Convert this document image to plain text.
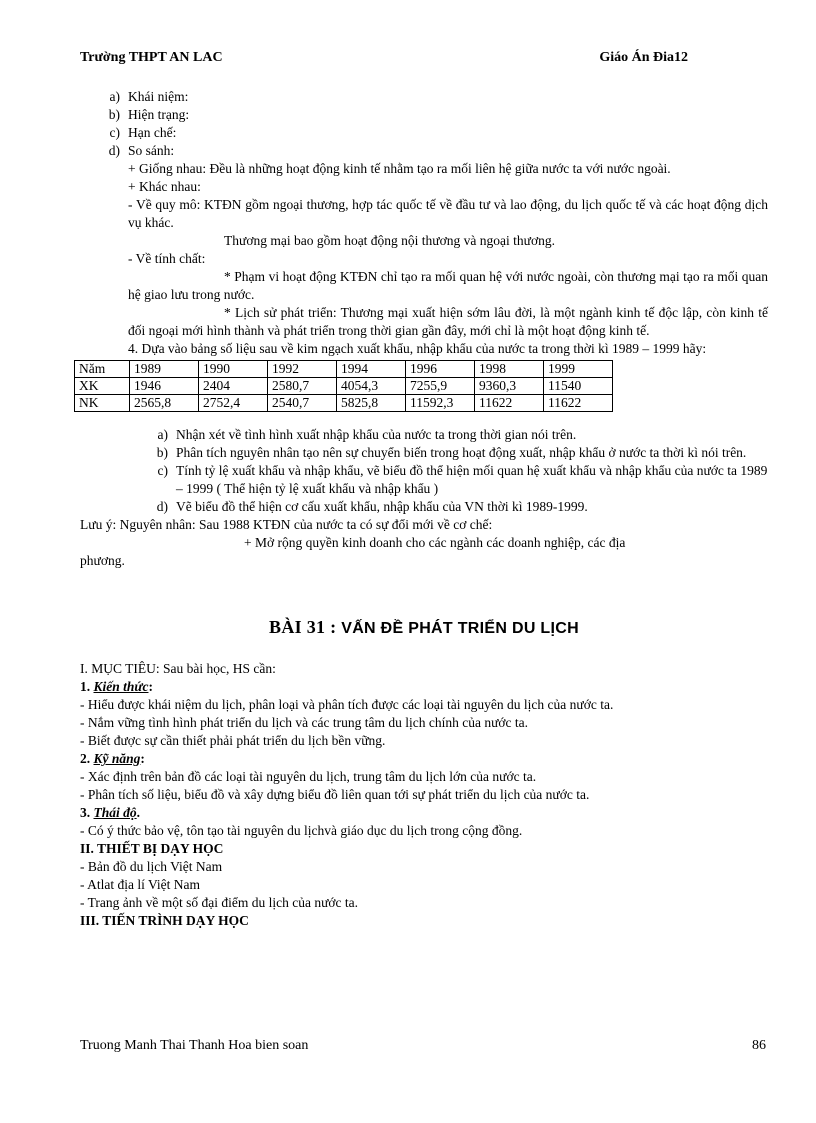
Trường THPT AN LAC	Giáo Án Đia12
a) Khái niệm:
b) Hiện trạng:
c) Hạn chế:
d) So sánh:
+ Giống nhau: Đều là những hoạt động kinh tế nhằm tạo ra mối liên hệ giữa nước ta với nước ngoài.
+ Khác nhau:
- Về quy mô: KTĐN gồm ngoại thương, hợp tác quốc tế về đầu tư và lao động, du lịch quốc tế và các hoạt động dịch vụ khác.
Thương mại bao gồm hoạt động nội thương và ngoại thương.
- Về tính chất:
* Phạm vi hoạt động KTĐN chỉ tạo ra mối quan hệ với nước ngoài, còn thương mại tạo ra mối quan hệ giao lưu trong nước.
* Lịch sử phát triển: Thương mại xuất hiện sớm lâu đời, là một ngành kinh tế độc lập, còn kinh tế đối ngoại mới hình thành và phát triển trong thời gian gần đây, mới chỉ là một hoạt động kinh tế.
4. Dựa vào bảng số liệu sau về kim ngạch xuất khẩu, nhập khẩu của nước ta trong thời kì 1989 – 1999 hãy:
Năm	1989	1990	1992	1994	1996	1998	1999
XK	1946	2404	2580,7	4054,3	7255,9	9360,3	11540
NK	2565,8	2752,4	2540,7	5825,8	11592,3	11622	11622
a) Nhận xét về tình hình xuất nhập khẩu của nước ta trong thời gian nói trên.
b) Phân tích nguyên nhân tạo nên sự chuyển biến trong hoạt động xuất, nhập khẩu ở nước ta thời kì nói trên.
c) Tính tỷ lệ xuất khẩu và nhập khẩu, vẽ biểu đồ thể hiện mối quan hệ xuất khẩu và nhập khẩu của nước ta 1989 – 1999 ( Thể hiện tỷ lệ xuất khẩu và nhập khẩu )
d) Vẽ biểu đồ thể hiện cơ cấu xuất khẩu, nhập khẩu của VN thời kì 1989-1999.
Lưu ý: Nguyên nhân: Sau 1988 KTĐN của nước ta có sự đổi mới về cơ chế:
+ Mở rộng quyền kinh doanh cho các ngành các doanh nghiệp, các địa
phương.
BÀI 31 : VẤN ĐỀ PHÁT TRIỂN DU LỊCH
I. MỤC TIÊU: Sau bài học, HS cần:
1. Kiến thức:
- Hiểu được khái niệm du lịch, phân loại và phân tích được các loại tài nguyên du lịch của nước ta.
- Nắm vững tình hình phát triển du lịch và các trung tâm du lịch chính của nước ta.
- Biết được sự cần thiết phải phát triển du lịch bền vững.
2. Kỹ năng:
- Xác định trên bản đồ các loại tài nguyên du lịch, trung tâm du lịch lớn của nước ta.
- Phân tích số liệu, biểu đồ và xây dựng biểu đồ liên quan tới sự phát triển du lịch của nước ta.
3. Thái độ.
- Có ý thức bảo vệ, tôn tạo tài nguyên du lịchvà giáo dục du lịch trong cộng đồng.
II. THIẾT BỊ DẠY HỌC
- Bản đồ du lịch Việt Nam
- Atlat địa lí Việt Nam
- Trang ảnh về một số đại điểm du lịch của nước ta.
III. TIẾN TRÌNH DẠY HỌC
Truong Manh Thai Thanh Hoa bien soan	86
